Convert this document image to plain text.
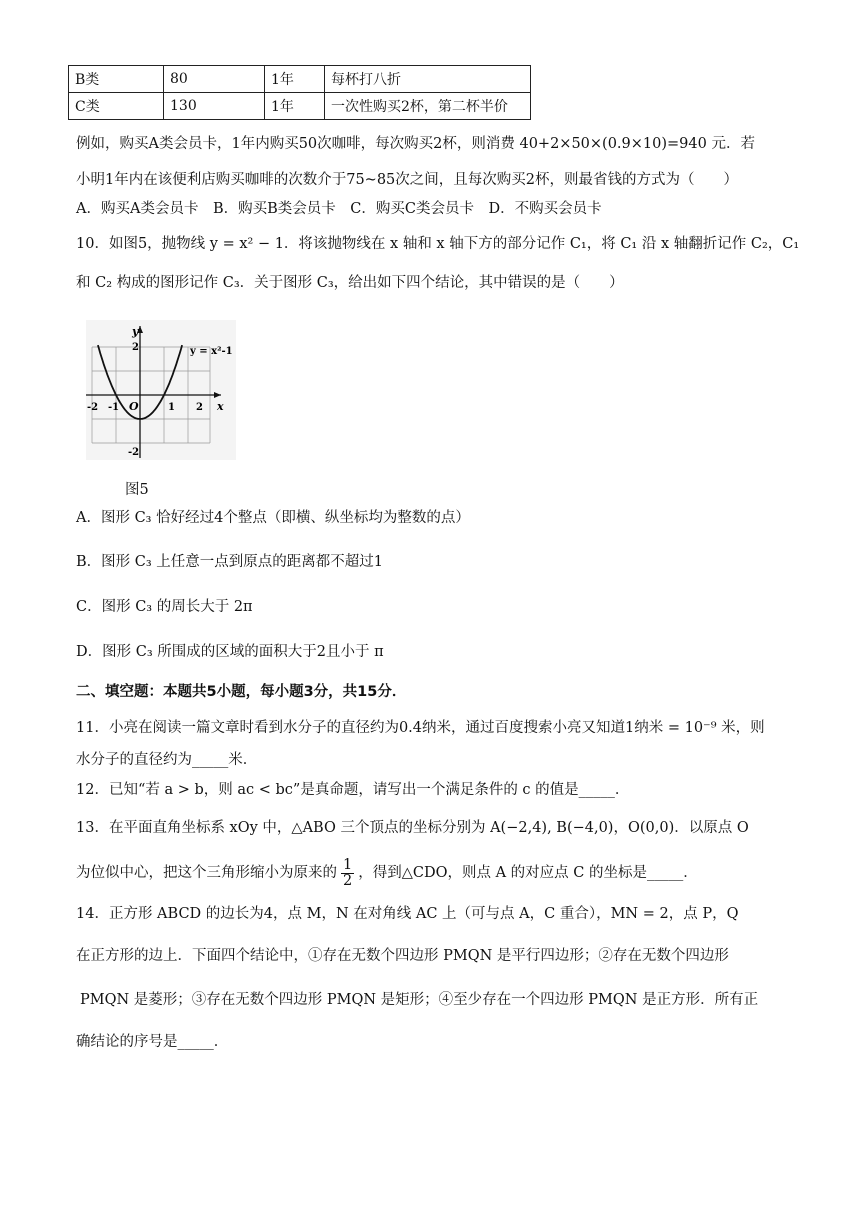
B类	80	1年	每杯打八折
C类	130	1年	一次性购买2杯，第二杯半价
例如，购买A类会员卡，1年内购买50次咖啡，每次购买2杯，则消费 40+2×50×(0.9×10)=940 元．若
小明1年内在该便利店购买咖啡的次数介于75~85次之间，且每次购买2杯，则最省钱的方式为（　　）
A．购买A类会员卡　B．购买B类会员卡　C．购买C类会员卡　D．不购买会员卡
10．如图5，抛物线 y = x² − 1．将该抛物线在 x 轴和 x 轴下方的部分记作 C₁，将 C₁ 沿 x 轴翻折记作 C₂，C₁
和 C₂ 构成的图形记作 C₃．关于图形 C₃，给出如下四个结论，其中错误的是（　　）
y
x
O
2
2
-2	1
-1
-2
y = x²-1
图5
A．图形 C₃ 恰好经过4个整点（即横、纵坐标均为整数的点）
B．图形 C₃ 上任意一点到原点的距离都不超过1
C．图形 C₃ 的周长大于 2π
D．图形 C₃ 所围成的区域的面积大于2且小于 π
二、填空题：本题共5小题，每小题3分，共15分．
11．小亮在阅读一篇文章时看到水分子的直径约为0.4纳米，通过百度搜索小亮又知道1纳米 = 10⁻⁹ 米，则
水分子的直径约为_____米．
12．已知“若 a > b，则 ac < bc”是真命题，请写出一个满足条件的 c 的值是_____．
13．在平面直角坐标系 xOy 中，△ABO 三个顶点的坐标分别为 A(−2,4), B(−4,0)，O(0,0)．以原点 O
为位似中心，把这个三角形缩小为原来的 $\frac{1}{2}$ ，得到△CDO，则点 A 的对应点 C 的坐标是_____．
14．正方形 ABCD 的边长为4，点 M，N 在对角线 AC 上（可与点 A，C 重合），MN = 2，点 P，Q
在正方形的边上．下面四个结论中，①存在无数个四边形 PMQN 是平行四边形；②存在无数个四边形
PMQN 是菱形；③存在无数个四边形 PMQN 是矩形；④至少存在一个四边形 PMQN 是正方形．所有正
确结论的序号是_____．
